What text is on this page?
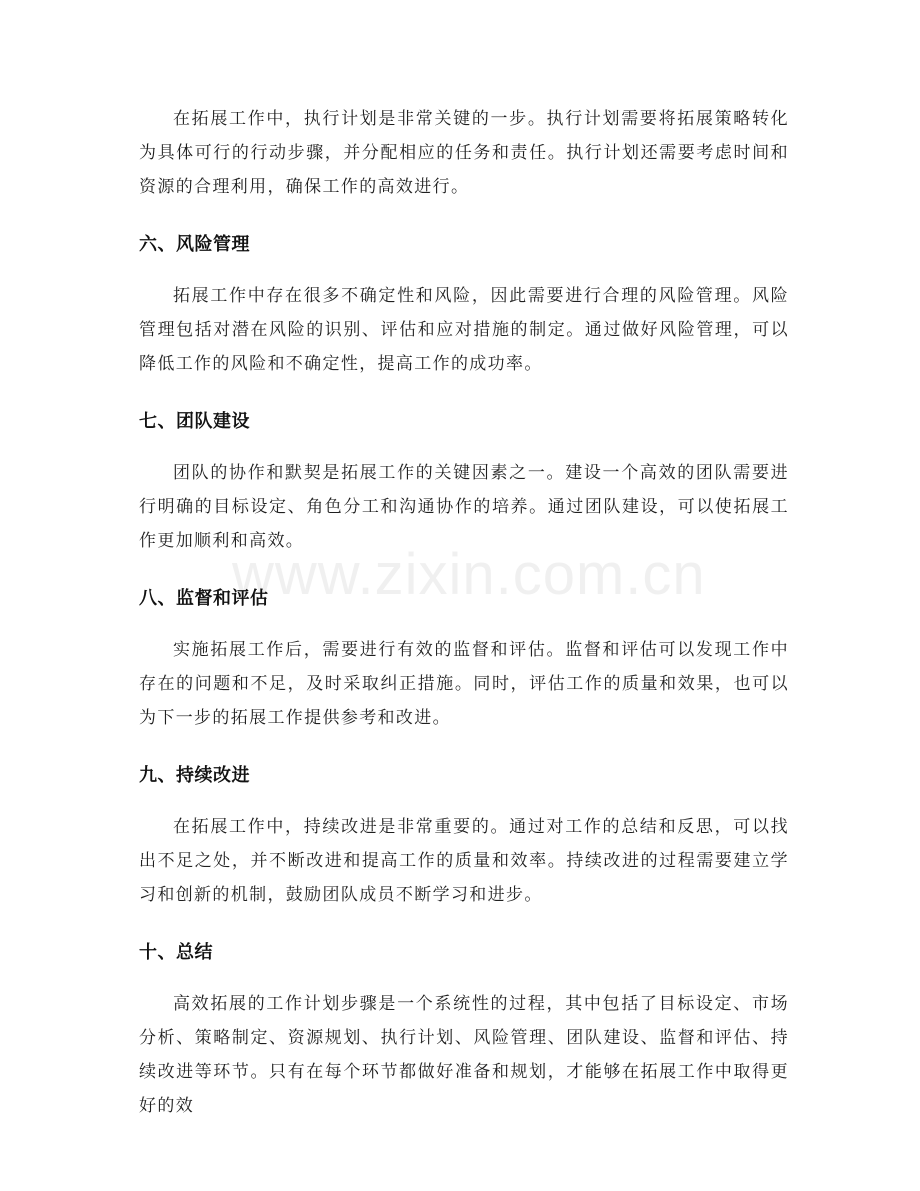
www.zixin.com.cn

在拓展工作中，执行计划是非常关键的一步。执行计划需要将拓展策略转化为具体可行的行动步骤，并分配相应的任务和责任。执行计划还需要考虑时间和资源的合理利用，确保工作的高效进行。

六、风险管理

拓展工作中存在很多不确定性和风险，因此需要进行合理的风险管理。风险管理包括对潜在风险的识别、评估和应对措施的制定。通过做好风险管理，可以降低工作的风险和不确定性，提高工作的成功率。

七、团队建设

团队的协作和默契是拓展工作的关键因素之一。建设一个高效的团队需要进行明确的目标设定、角色分工和沟通协作的培养。通过团队建设，可以使拓展工作更加顺利和高效。

八、监督和评估

实施拓展工作后，需要进行有效的监督和评估。监督和评估可以发现工作中存在的问题和不足，及时采取纠正措施。同时，评估工作的质量和效果，也可以为下一步的拓展工作提供参考和改进。

九、持续改进

在拓展工作中，持续改进是非常重要的。通过对工作的总结和反思，可以找出不足之处，并不断改进和提高工作的质量和效率。持续改进的过程需要建立学习和创新的机制，鼓励团队成员不断学习和进步。

十、总结

高效拓展的工作计划步骤是一个系统性的过程，其中包括了目标设定、市场分析、策略制定、资源规划、执行计划、风险管理、团队建设、监督和评估、持续改进等环节。只有在每个环节都做好准备和规划，才能够在拓展工作中取得更好的效
